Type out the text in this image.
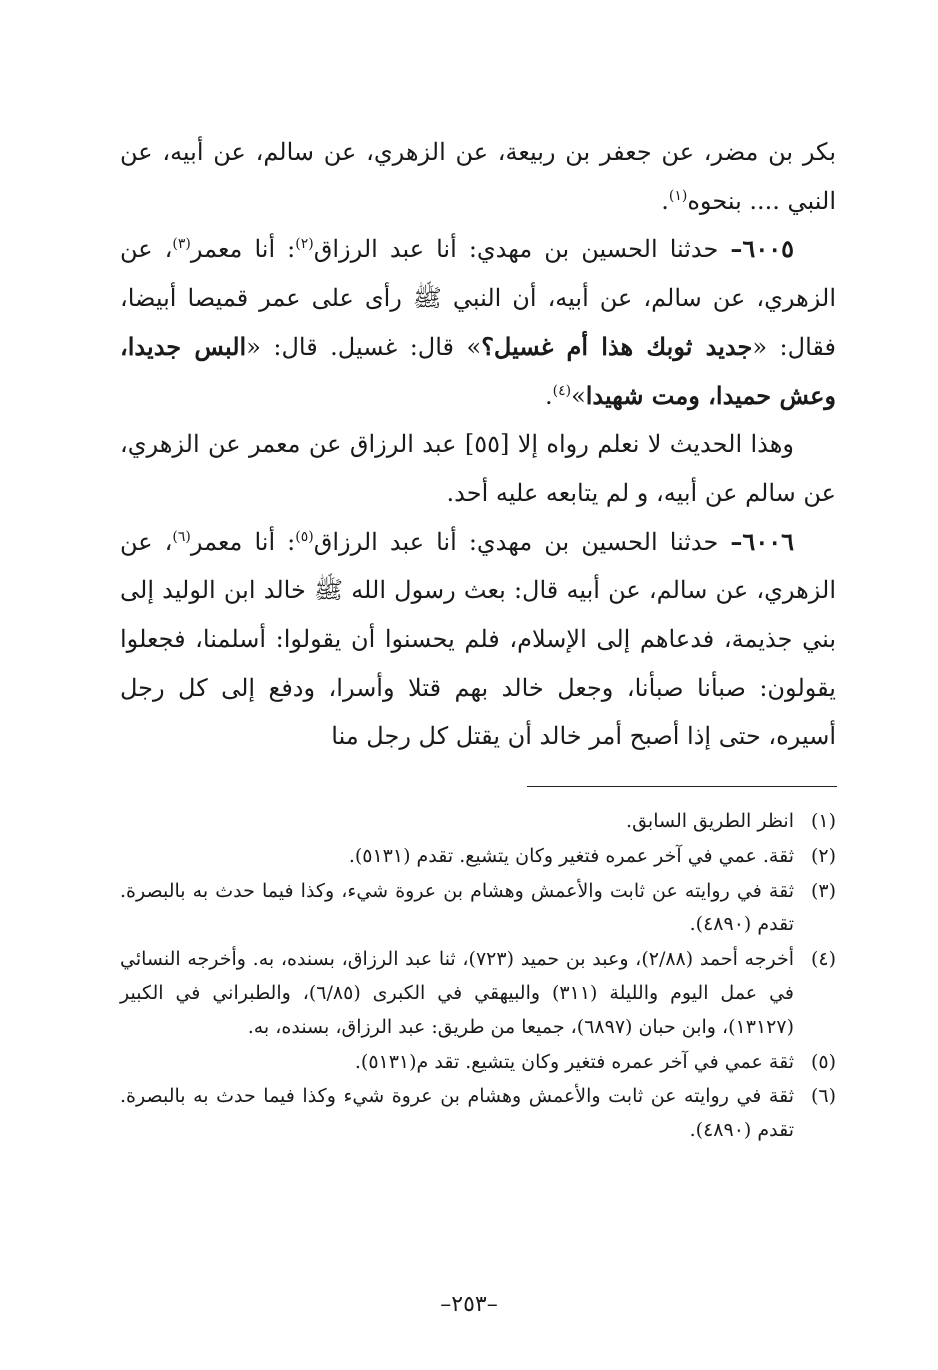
بكر بن مضر، عن جعفر بن ربيعة، عن الزهري، عن سالم، عن أبيه، عن النبي .... بنحوه$^{(١)}$.

٦٠٠٥– حدثنا الحسين بن مهدي: أنا عبد الرزاق$^{(٢)}$: أنا معمر$^{(٣)}$، عن الزهري، عن سالم، عن أبيه، أن النبي ﷺ رأى على عمر قميصا أبيضا، فقال: «جديد ثوبك هذا أم غسيل؟» قال: غسيل. قال: «البس جديدا، وعش حميدا، ومت شهيدا»$^{(٤)}$.

وهذا الحديث لا نعلم رواه إلا [٥٥] عبد الرزاق عن معمر عن الزهري، عن سالم عن أبيه، و لم يتابعه عليه أحد.

٦٠٠٦– حدثنا الحسين بن مهدي: أنا عبد الرزاق$^{(٥)}$: أنا معمر$^{(٦)}$، عن الزهري، عن سالم، عن أبيه قال: بعث رسول الله ﷺ خالد ابن الوليد إلى بني جذيمة، فدعاهم إلى الإسلام، فلم يحسنوا أن يقولوا: أسلمنا، فجعلوا يقولون: صبأنا صبأنا، وجعل خالد بهم قتلا وأسرا، ودفع إلى كل رجل أسيره، حتى إذا أصبح أمر خالد أن يقتل كل رجل منا

(١)
انظر الطريق السابق.
(٢)
ثقة. عمي في آخر عمره فتغير وكان يتشيع. تقدم (٥١٣١).
(٣)
ثقة في روايته عن ثابت والأعمش وهشام بن عروة شيء، وكذا فيما حدث به بالبصرة. تقدم (٤٨٩٠).
(٤)
أخرجه أحمد (٢/٨٨)، وعبد بن حميد (٧٢٣)، ثنا عبد الرزاق، بسنده، به. وأخرجه النسائي في عمل اليوم والليلة (٣١١) والبيهقي في الكبرى (٦/٨٥)، والطبراني في الكبير (١٣١٢٧)، وابن حبان (٦٨٩٧)، جميعا من طريق: عبد الرزاق، بسنده، به.
(٥)
ثقة عمي في آخر عمره فتغير وكان يتشيع. تقد م(٥١٣١).
(٦)
ثقة في روايته عن ثابت والأعمش وهشام بن عروة شيء وكذا فيما حدث به بالبصرة. تقدم (٤٨٩٠).
–٢٥٣–
